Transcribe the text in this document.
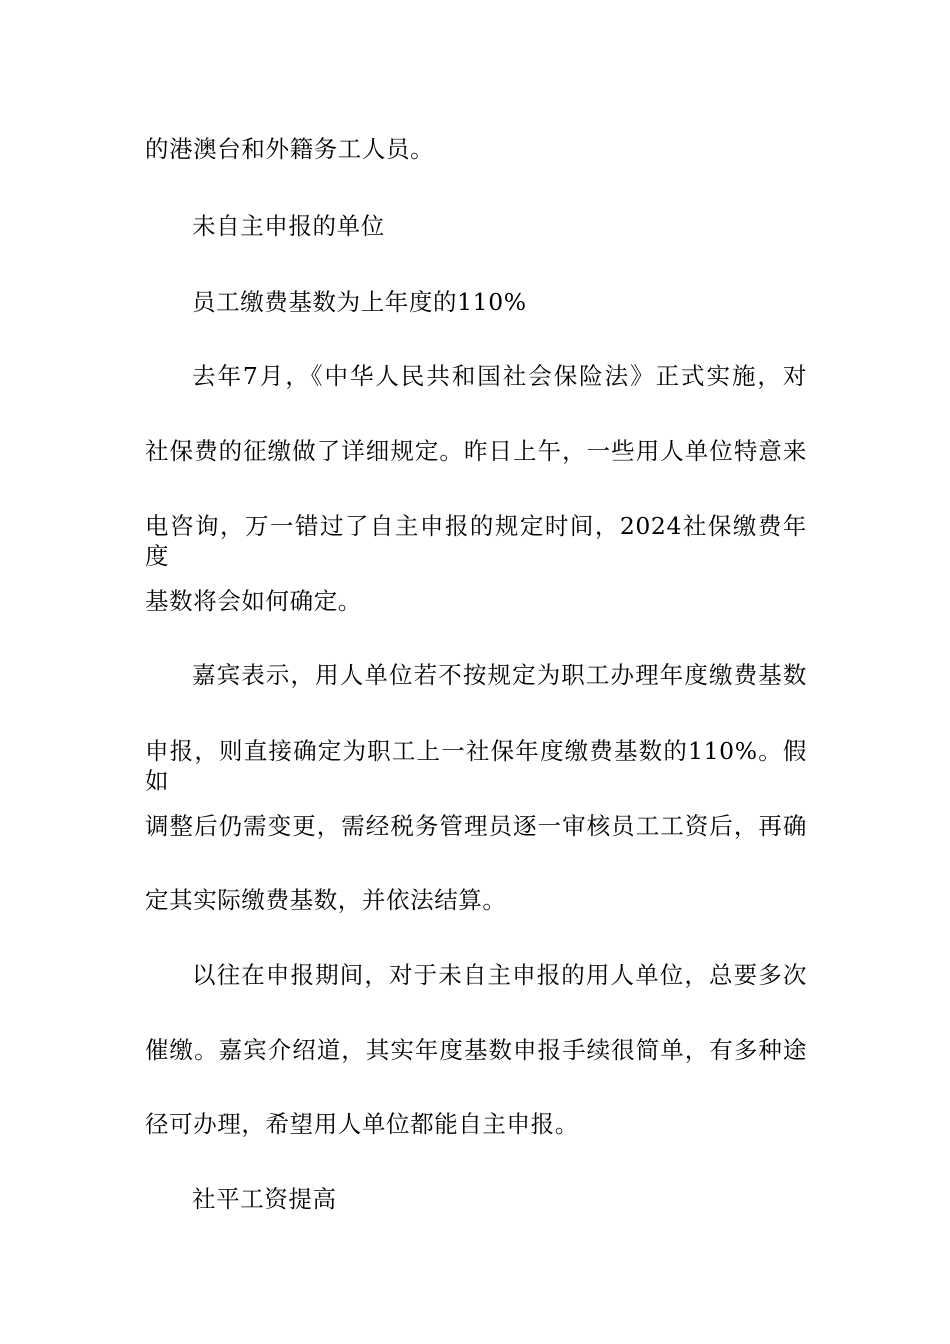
的港澳台和外籍务工人员。
未自主申报的单位
员工缴费基数为上年度的110%
去年7月，《中华人民共和国社会保险法》正式实施，对
社保费的征缴做了详细规定。昨日上午，一些用人单位特意来
电咨询，万一错过了自主申报的规定时间，2024社保缴费年度
基数将会如何确定。
嘉宾表示，用人单位若不按规定为职工办理年度缴费基数
申报，则直接确定为职工上一社保年度缴费基数的110%。假如
调整后仍需变更，需经税务管理员逐一审核员工工资后，再确
定其实际缴费基数，并依法结算。
以往在申报期间，对于未自主申报的用人单位，总要多次
催缴。嘉宾介绍道，其实年度基数申报手续很简单，有多种途
径可办理，希望用人单位都能自主申报。
社平工资提高
